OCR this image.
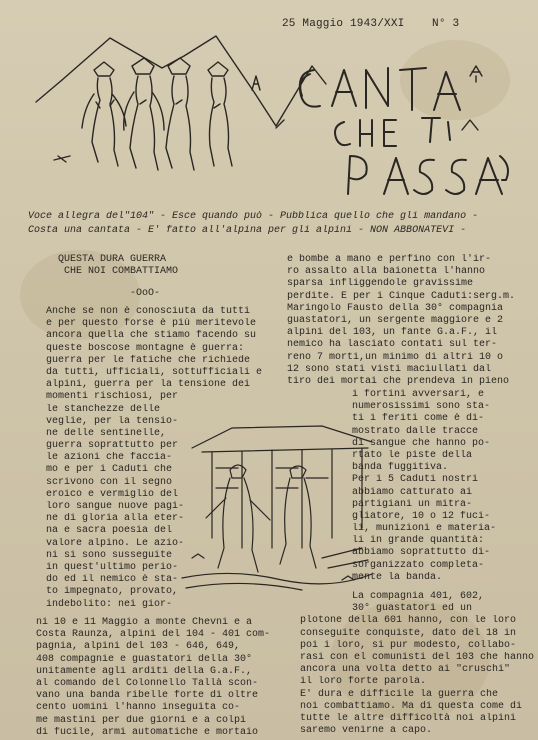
25 Maggio 1943/XXI	N° 3
Voce allegra del"104" - Esce quando può - Pubblica quello che gli mandano -
Costa una cantata - E' fatto all'alpina per gli alpini - NON ABBONATEVI -
QUESTA DURA GUERRA
CHE NOI COMBATTIAMO
-OoO-
Anche se non è conosciuta da tutti
e per questo forse è più meritevole
ancora quella che stiamo facendo su
queste boscose montagne è guerra:
guerra per le fatiche che richiede
da tutti, ufficiali, sottufficiali e
alpini, guerra per la tensione dei
momenti rischiosi, per
le stanchezze delle
veglie, per la tensio-
ne delle sentinelle,
guerra soprattutto per
le azioni che faccia-
mo e per i Caduti che
scrivono con il segno
eroico e vermiglio del
loro sangue nuove pagi-
ne di gloria alla eter-
na e sacra poesia del
valore alpino. Le azio-
ni si sono susseguite
in quest'ultimo perio-
do ed il nemico è sta-
to impegnato, provato,
indebolito: nei gior-
ni 10 e 11 Maggio a monte Chevni e a
Costa Raunza, alpini del 104 - 401 com-
pagnia, alpini del 103 - 646, 649,
408 compagnie e guastatori della 30°
unitamente agli arditi della G.a.F.,
al comando del Colonnello Tallà scon-
vano una banda ribelle forte di oltre
cento uomini l'hanno inseguita co-
me mastini per due giorni e a colpi
di fucile, armi automatiche e mortaio
e bombe a mano e perfino con l'ir-
ro assalto alla baionetta l'hanno
sparsa infliggendole gravissime
perdite. E per i Cinque Caduti:serg.m.
Maringolo Fausto della 30° compagnia
guastatori, un sergente maggiore e 2
alpini del 103, un fante G.a.F., il
nemico ha lasciato contati sul ter-
reno 7 morti,un minimo di altri 10 o
12 sono stati visti maciullati dal
tiro dei mortai che prendeva in pieno
i fortini avversari, e
numerosissimi sono sta-
ti i feriti come è di-
mostrato dalle tracce
di sangue che hanno po-
rtato le piste della
banda fuggitiva.
Per i 5 Caduti nostri
abbiamo catturato ai
partigiani un mitra-
gliatore, 10 o 12 fuci-
li, munizioni e materia-
li in grande quantità:
abbiamo soprattutto di-
sorganizzato completa-
mente la banda.
La compagnia 401, 602,
30° guastatori ed un
plotone della 601 hanno, con le loro
conseguite conquiste, dato del 18 in
poi i loro, si pur modesto, collabo-
rasi con el comunisti del 103 che hanno
ancora una volta detto ai "cruschi"
il loro forte parola.
E' dura e difficile la guerra che
noi combattiamo. Ma di questa come di
tutte le altre difficoltà noi alpini
saremo venirne a capo.
